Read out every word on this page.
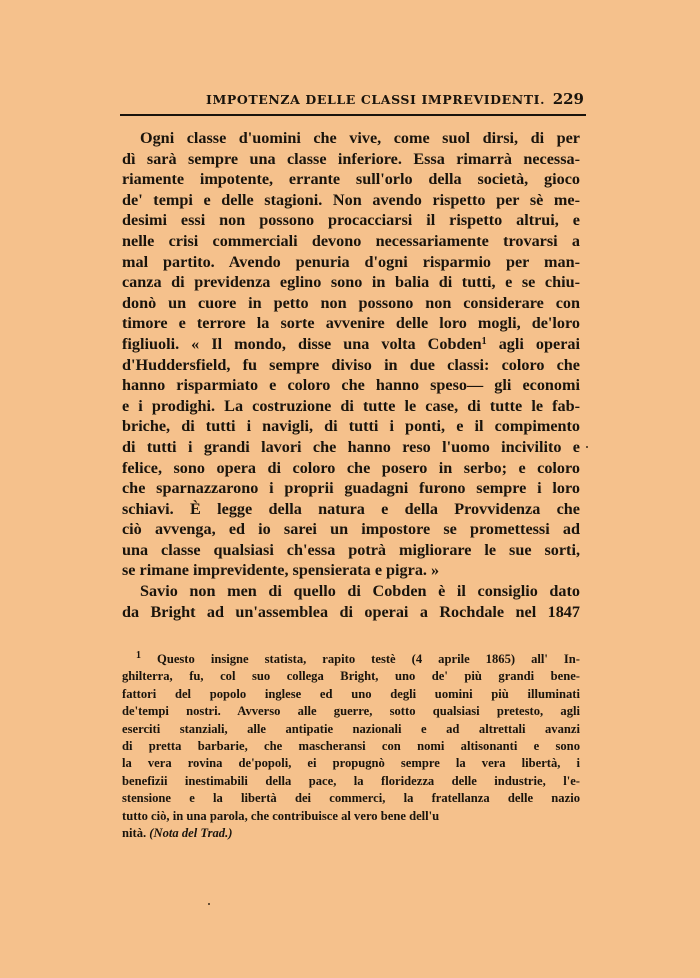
IMPOTENZA DELLE CLASSI IMPREVIDENTI. 229
Ogni classe d'uomini che vive, come suol dirsi, di per
dì sarà sempre una classe inferiore. Essa rimarrà necessa-
riamente impotente, errante sull'orlo della società, gioco
de' tempi e delle stagioni. Non avendo rispetto per sè me-
desimi essi non possono procacciarsi il rispetto altrui, e
nelle crisi commerciali devono necessariamente trovarsi a
mal partito. Avendo penuria d'ogni risparmio per man-
canza di previdenza eglino sono in balia di tutti, e se chiu-
donò un cuore in petto non possono non considerare con
timore e terrore la sorte avvenire delle loro mogli, de'loro
figliuoli. « Il mondo, disse una volta Cobden$^1$ agli operai
d'Huddersfield, fu sempre diviso in due classi: coloro che
hanno risparmiato e coloro che hanno speso— gli economi
e i prodighi. La costruzione di tutte le case, di tutte le fab-
briche, di tutti i navigli, di tutti i ponti, e il compimento
di tutti i grandi lavori che hanno reso l'uomo incivilito e
felice, sono opera di coloro che posero in serbo; e coloro
che sparnazzarono i proprii guadagni furono sempre i loro
schiavi. È legge della natura e della Provvidenza che
ciò avvenga, ed io sarei un impostore se promettessi ad
una classe qualsiasi ch'essa potrà migliorare le sue sorti,
se rimane imprevidente, spensierata e pigra. »
Savio non men di quello di Cobden è il consiglio dato
da Bright ad un'assemblea di operai a Rochdale nel 1847
$^1$ Questo insigne statista, rapito testè (4 aprile 1865) all' In-
ghilterra, fu, col suo collega Bright, uno de' più grandi bene-
fattori del popolo inglese ed uno degli uomini più illuminati
de'tempi nostri. Avverso alle guerre, sotto qualsiasi pretesto, agli
eserciti stanziali, alle antipatie nazionali e ad altrettali avanzi
di pretta barbarie, che mascheransi con nomi altisonanti e sono
la vera rovina de'popoli, ei propugnò sempre la vera libertà, i
benefizii inestimabili della pace, la floridezza delle industrie, l'e-
stensione e la libertà dei commerci, la fratellanza delle nazio
tutto ciò, in una parola, che contribuisce al vero bene dell'u
nità. (Nota del Trad.)
